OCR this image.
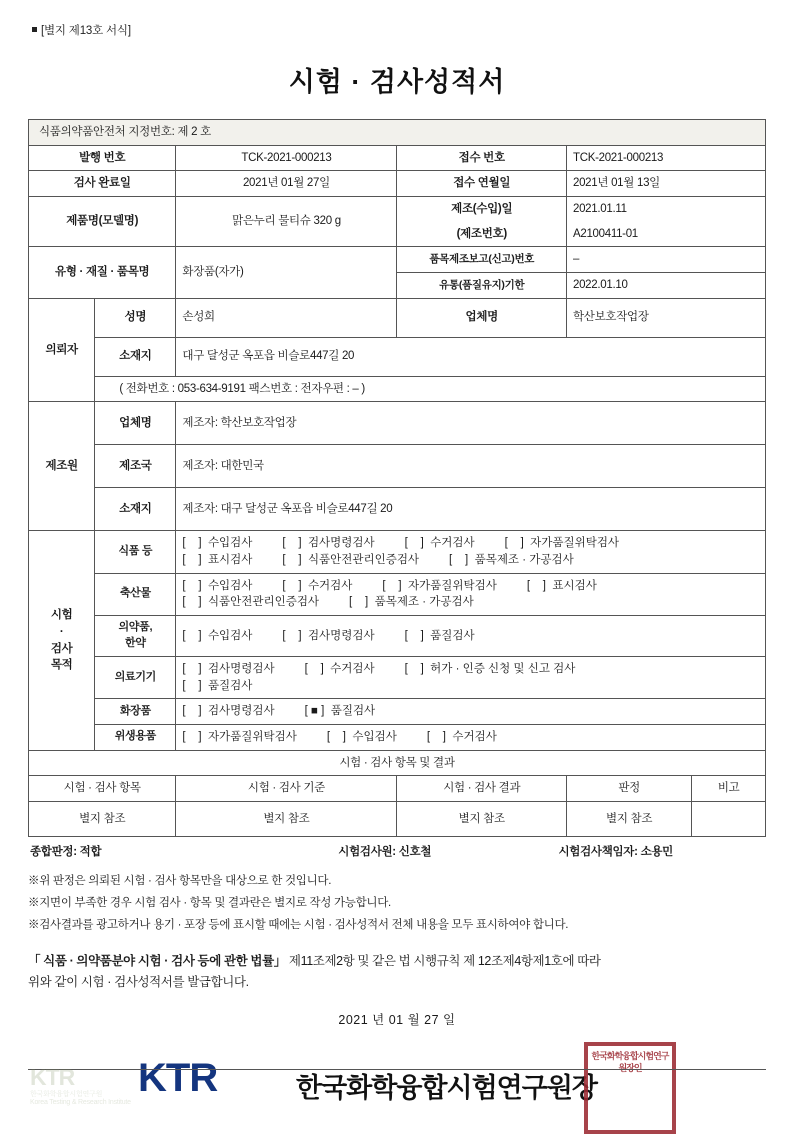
[별지 제13호 서식]
시험 · 검사성적서
식품의약품안전처 지정번호: 제 2 호					
발행 번호		TCK-2021-000213	접수 번호	TCK-2021-000213	
검사 완료일		2021년 01월 27일	접수 연월일	2021년 01월 13일	
제품명(모델명)		맑은누리 물티슈 320 g	제조(수입)일	2021.01.11	
			(제조번호)	A2100411-01	
유형 · 재질 · 품목명		화장품(자가)	품목제조보고(신고)번호	–	
			유통(품질유지)기한	2022.01.10	
의뢰자	성명	손성희	업체명	학산보호작업장	
	소재지	대구 달성군 옥포읍 비슬로447길 20			
	( 전화번호 : 053-634-9191 팩스번호 : 전자우편 : – )				
제조원	업체명	제조자: 학산보호작업장			
	제조국	제조자: 대한민국			
	소재지	제조자: 대구 달성군 옥포읍 비슬로447길 20			
시험
·
검사
목적	식품 등	[    ]  수입검사 [    ]  검사명령검사 [    ]  수거검사 [    ]  자가품질위탁검사
[    ]  표시검사 [    ]  식품안전관리인증검사 [    ]  품목제조 · 가공검사			
	축산물	[    ]  수입검사 [    ]  수거검사 [    ]  자가품질위탁검사 [    ]  표시검사
[    ]  식품안전관리인증검사 [    ]  품목제조 · 가공검사			
	의약품,
한약	[    ]  수입검사 [    ]  검사명령검사 [    ]  품질검사			
	의료기기	[    ]  검사명령검사 [    ]  수거검사 [    ]  허가 · 인증 신청 및 신고 검사
[    ]  품질검사			
	화장품	[    ]  검사명령검사 [ ■ ]  품질검사			
	위생용품	[    ]  자가품질위탁검사 [    ]  수입검사 [    ]  수거검사			
시험 · 검사 항목 및 결과					
시험 · 검사 항목		시험 · 검사 기준	시험 · 검사 결과	판정	비고
별지 참조		별지 참조	별지 참조	별지 참조	
종합판정: 적합	시험검사원: 신호철	시험검사책임자: 소용민
※위 판정은 의뢰된 시험 · 검사 항목만을 대상으로 한 것입니다.
※지면이 부족한 경우 시험 검사 · 항목 및 결과란은 별지로 작성 가능합니다.
※검사결과를 광고하거나 용기 · 포장 등에 표시할 때에는 시험 · 검사성적서 전체 내용을 모두 표시하여야 합니다.
「 식품 · 의약품분야 시험 · 검사 등에 관한 법률」 제11조제2항 및 같은 법 시행규칙 제 12조제4항제1호에 따라
위와 같이 시험 · 검사성적서를 발급합니다.
2021 년 01 월 27 일
KTR	한국화학융합시험연구원장
한국화학융합시험연구원장인
KTR
한국화학융합시험연구원
Korea Testing & Research Institute
